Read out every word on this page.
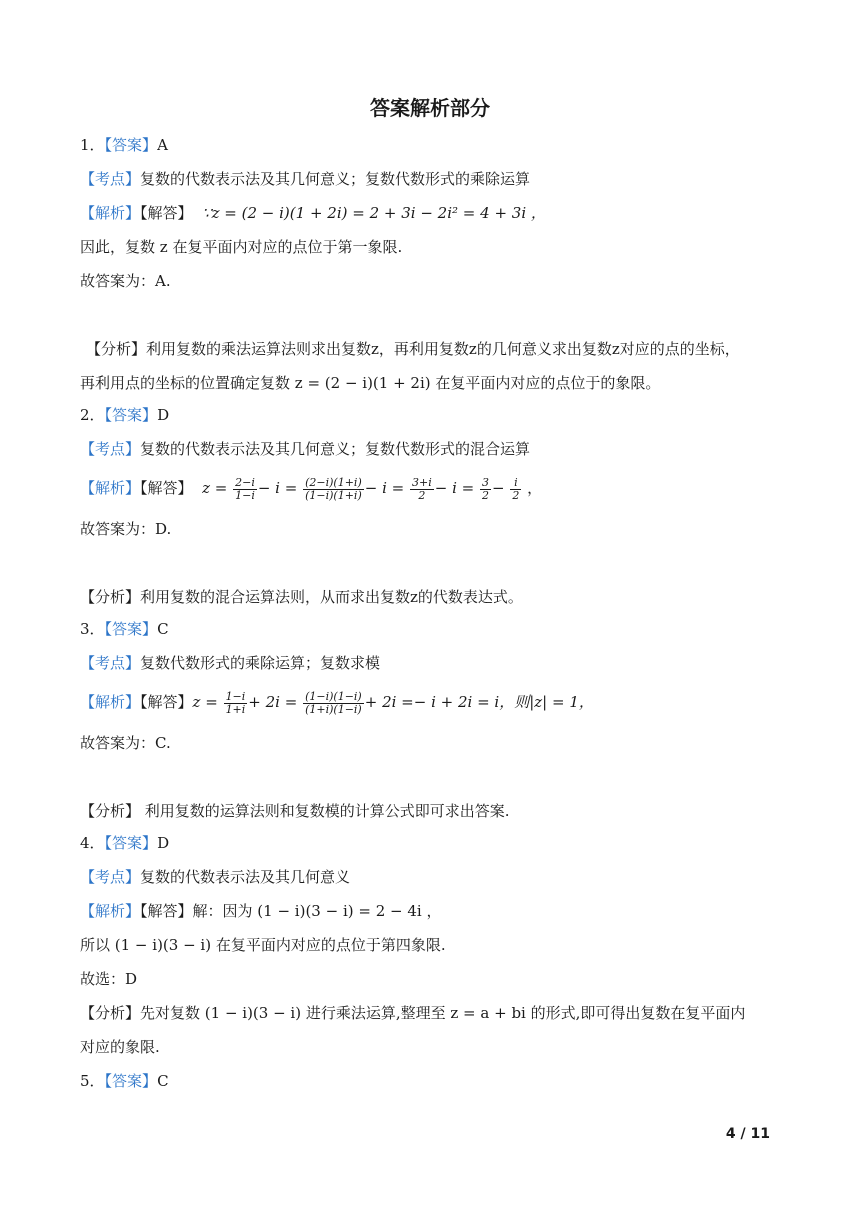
答案解析部分
1．【答案】A
【考点】复数的代数表示法及其几何意义；复数代数形式的乘除运算
【解析】【解答】 ∵z = (2 − i)(1 + 2i) = 2 + 3i − 2i² = 4 + 3i ，
因此，复数 z 在复平面内对应的点位于第一象限.
故答案为：A.
【分析】利用复数的乘法运算法则求出复数z，再利用复数z的几何意义求出复数z对应的点的坐标，
再利用点的坐标的位置确定复数 z = (2 − i)(1 + 2i) 在复平面内对应的点位于的象限。
2．【答案】D
【考点】复数的代数表示法及其几何意义；复数代数形式的混合运算
【解析】【解答】 $z = \frac{2-i}{1-i} - i = \frac{(2-i)(1+i)}{(1-i)(1+i)} - i = \frac{3+i}{2} - i = \frac{3}{2} - \frac{i}{2}$ ，
故答案为：D.
【分析】利用复数的混合运算法则，从而求出复数z的代数表达式。
3．【答案】C
【考点】复数代数形式的乘除运算；复数求模
【解析】【解答】$z = \frac{1-i}{1+i} + 2i = \frac{(1-i)(1-i)}{(1+i)(1-i)} + 2i =- i + 2i = i$，则|z| = 1，
故答案为：C.
【分析】 利用复数的运算法则和复数模的计算公式即可求出答案.
4．【答案】D
【考点】复数的代数表示法及其几何意义
【解析】【解答】解：因为 (1 − i)(3 − i) = 2 − 4i ，
所以 (1 − i)(3 − i) 在复平面内对应的点位于第四象限.
故选：D
【分析】先对复数 (1 − i)(3 − i) 进行乘法运算,整理至 z = a + bi 的形式,即可得出复数在复平面内
对应的象限.
5．【答案】C
4 / 11
